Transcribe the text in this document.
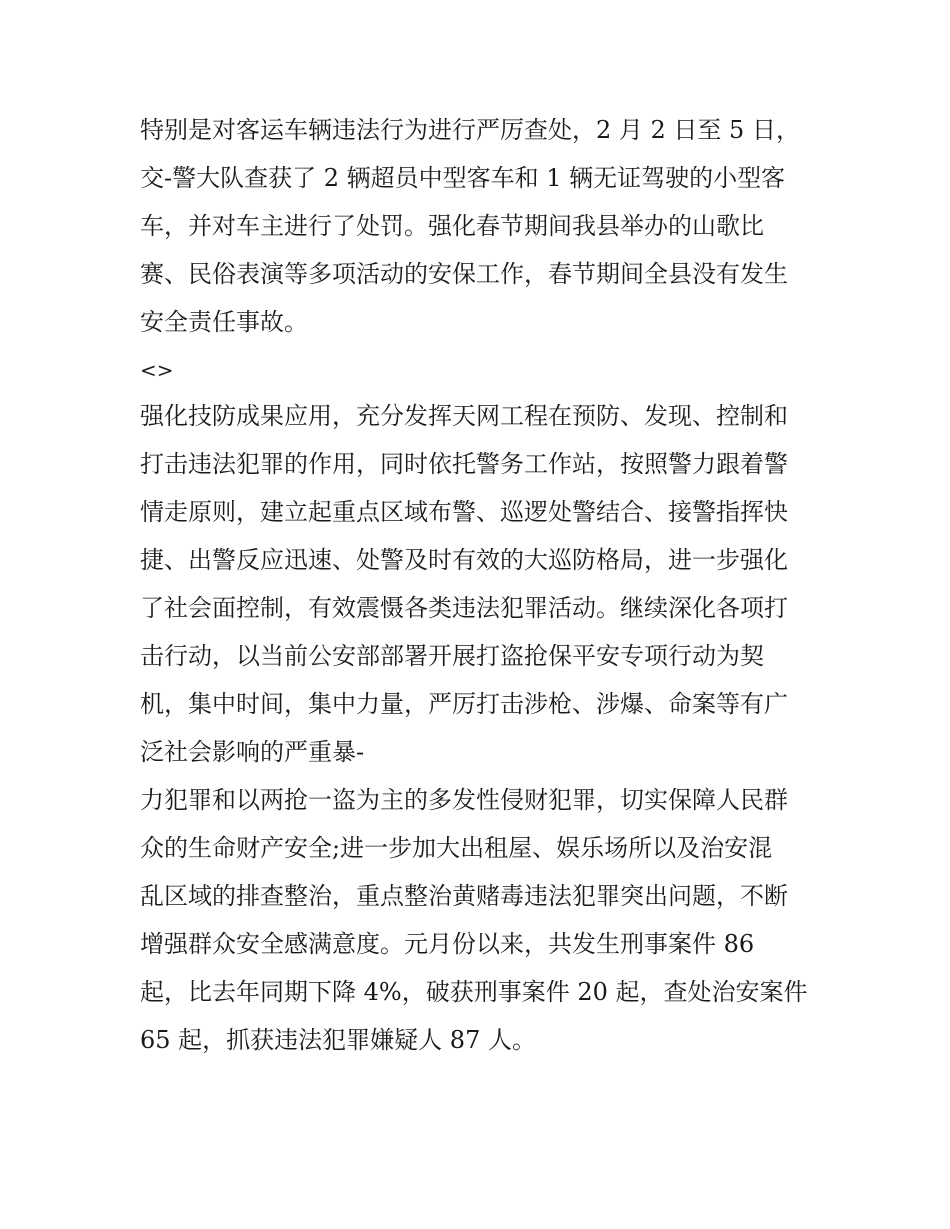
特别是对客运车辆违法行为进行严厉查处，2 月 2 日至 5 日，
交-警大队查获了 2 辆超员中型客车和 1 辆无证驾驶的小型客
车，并对车主进行了处罚。强化春节期间我县举办的山歌比
赛、民俗表演等多项活动的安保工作，春节期间全县没有发生
安全责任事故。
<>
强化技防成果应用，充分发挥天网工程在预防、发现、控制和
打击违法犯罪的作用，同时依托警务工作站，按照警力跟着警
情走原则，建立起重点区域布警、巡逻处警结合、接警指挥快
捷、出警反应迅速、处警及时有效的大巡防格局，进一步强化
了社会面控制，有效震慑各类违法犯罪活动。继续深化各项打
击行动，以当前公安部部署开展打盗抢保平安专项行动为契
机，集中时间，集中力量，严厉打击涉枪、涉爆、命案等有广
泛社会影响的严重暴-
力犯罪和以两抢一盗为主的多发性侵财犯罪，切实保障人民群
众的生命财产安全;进一步加大出租屋、娱乐场所以及治安混
乱区域的排查整治，重点整治黄赌毒违法犯罪突出问题，不断
增强群众安全感满意度。元月份以来，共发生刑事案件 86
起，比去年同期下降 4%，破获刑事案件 20 起，查处治安案件
65 起，抓获违法犯罪嫌疑人 87 人。
